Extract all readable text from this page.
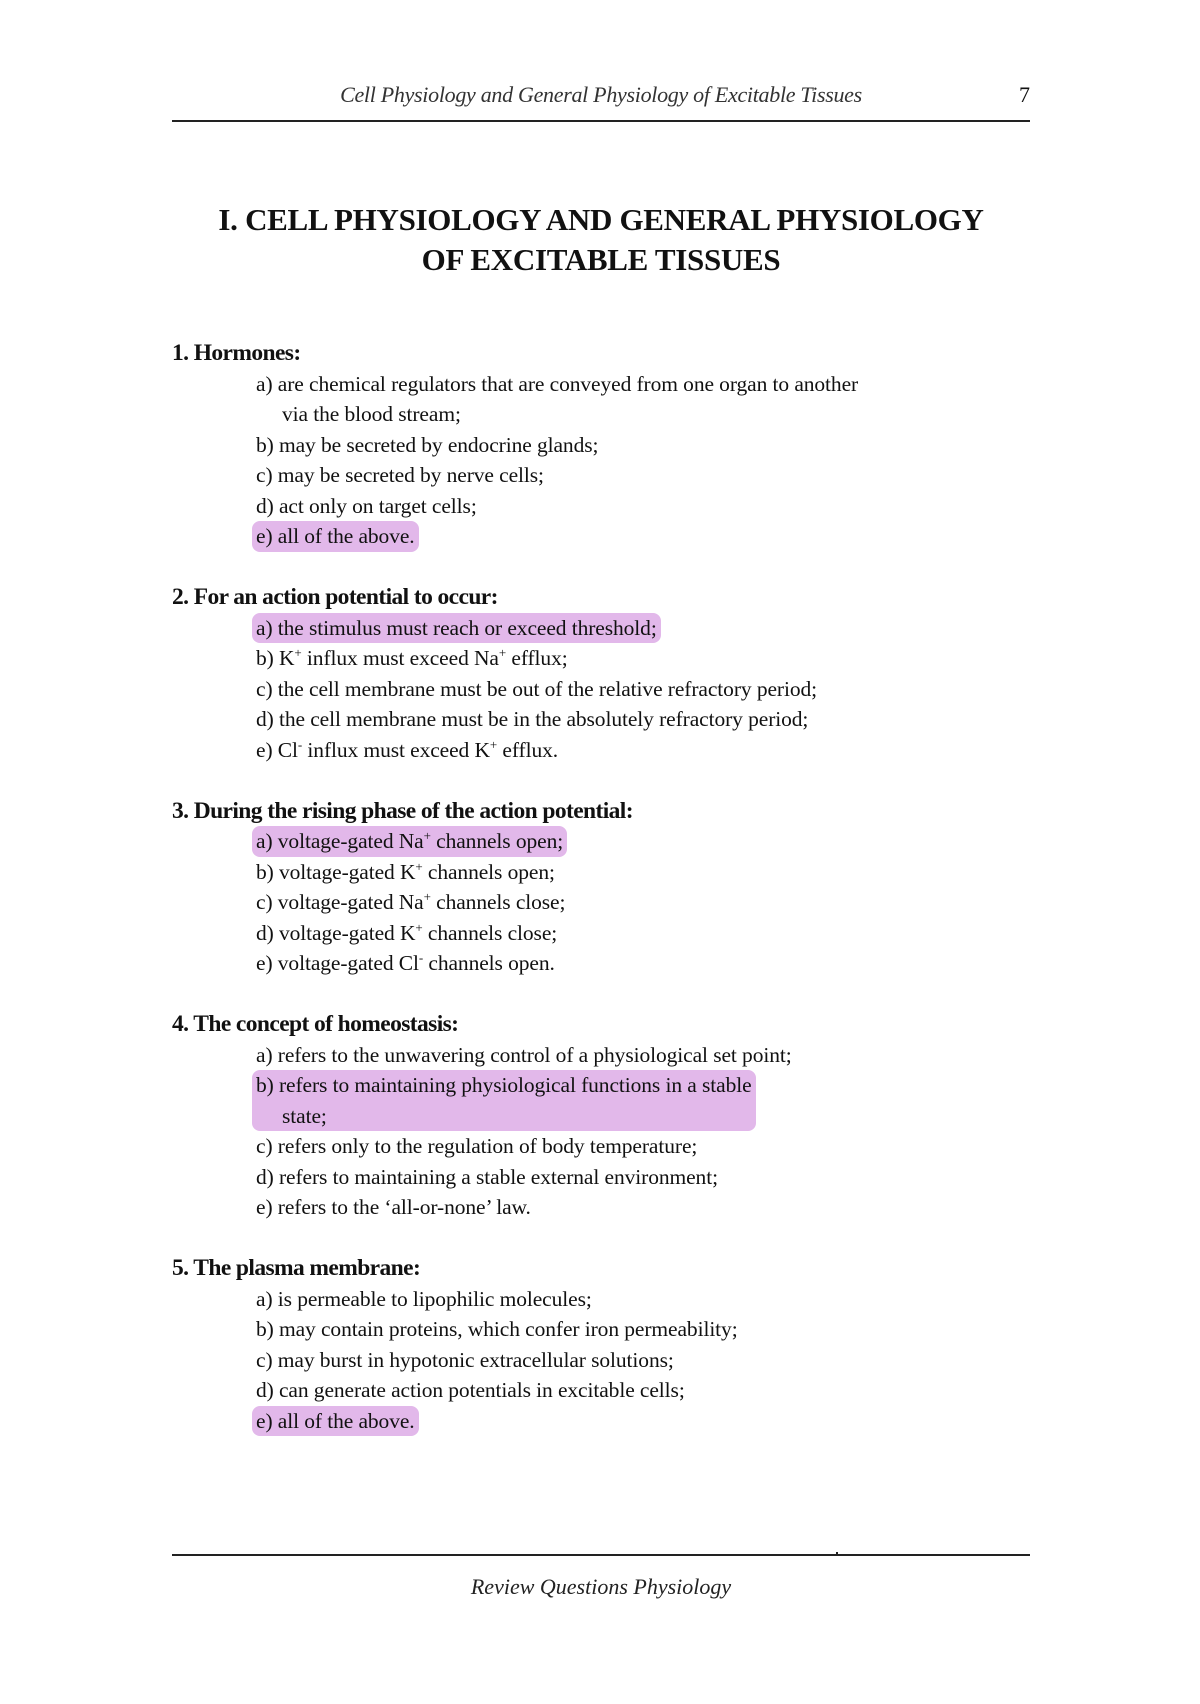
Cell Physiology and General Physiology of Excitable Tissues	7
I. CELL PHYSIOLOGY AND GENERAL PHYSIOLOGY
OF EXCITABLE TISSUES
1. Hormones:
a) are chemical regulators that are conveyed from one organ to another
via the blood stream;
b) may be secreted by endocrine glands;
c) may be secreted by nerve cells;
d) act only on target cells;
e) all of the above.
2. For an action potential to occur:
a) the stimulus must reach or exceed threshold;
b) K+ influx must exceed Na+ efflux;
c) the cell membrane must be out of the relative refractory period;
d) the cell membrane must be in the absolutely refractory period;
e) Cl- influx must exceed K+ efflux.
3. During the rising phase of the action potential:
a) voltage-gated Na+ channels open;
b) voltage-gated K+ channels open;
c) voltage-gated Na+ channels close;
d) voltage-gated K+ channels close;
e) voltage-gated Cl- channels open.
4. The concept of homeostasis:
a) refers to the unwavering control of a physiological set point;
b) refers to maintaining physiological functions in a stable
state;
c) refers only to the regulation of body temperature;
d) refers to maintaining a stable external environment;
e) refers to the ‘all-or-none’ law.
5. The plasma membrane:
a) is permeable to lipophilic molecules;
b) may contain proteins, which confer iron permeability;
c) may burst in hypotonic extracellular solutions;
d) can generate action potentials in excitable cells;
e) all of the above.
Review Questions Physiology
